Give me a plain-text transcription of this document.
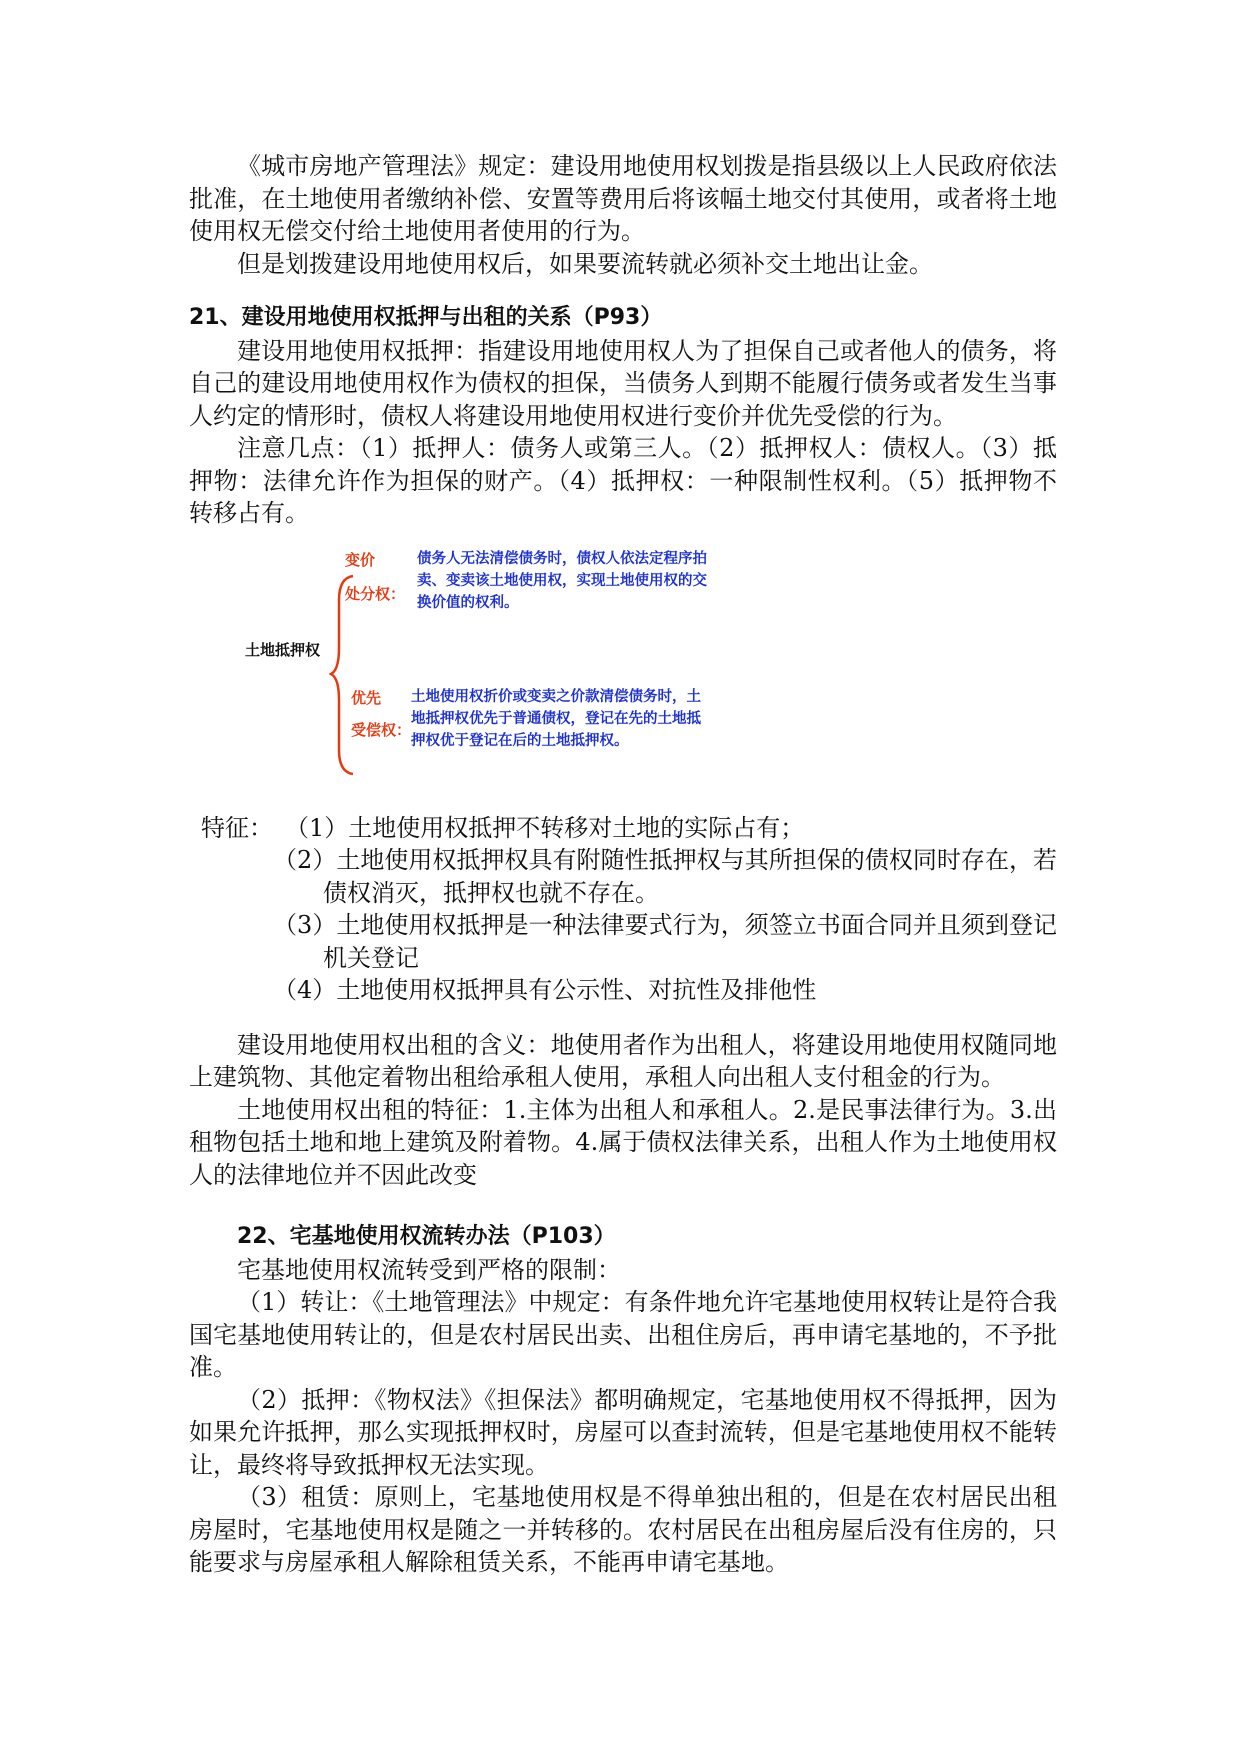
《城市房地产管理法》规定：建设用地使用权划拨是指县级以上人民政府依法批准，在土地使用者缴纳补偿、安置等费用后将该幅土地交付其使用，或者将土地使用权无偿交付给土地使用者使用的行为。

但是划拨建设用地使用权后，如果要流转就必须补交土地出让金。

21、建设用地使用权抵押与出租的关系（P93）

建设用地使用权抵押：指建设用地使用权人为了担保自己或者他人的债务，将自己的建设用地使用权作为债权的担保，当债务人到期不能履行债务或者发生当事人约定的情形时，债权人将建设用地使用权进行变价并优先受偿的行为。

注意几点：（1）抵押人：债务人或第三人。（2）抵押权人：债权人。（3）抵押物：法律允许作为担保的财产。（4）抵押权：一种限制性权利。（5）抵押物不转移占有。

土地抵押权
变价
处分权：
债务人无法清偿债务时，债权人依法定程序拍卖、变卖该土地使用权，实现土地使用权的交换价值的权利。
优先
受偿权：
土地使用权折价或变卖之价款清偿债务时，土地抵押权优先于普通债权，登记在先的土地抵押权优于登记在后的土地抵押权。
特征： （1）土地使用权抵押不转移对土地的实际占有；

（2）土地使用权抵押权具有附随性抵押权与其所担保的债权同时存在，若债权消灭，抵押权也就不存在。

（3）土地使用权抵押是一种法律要式行为，须签立书面合同并且须到登记机关登记

（4）土地使用权抵押具有公示性、对抗性及排他性

建设用地使用权出租的含义：地使用者作为出租人，将建设用地使用权随同地上建筑物、其他定着物出租给承租人使用，承租人向出租人支付租金的行为。

土地使用权出租的特征：1.主体为出租人和承租人。2.是民事法律行为。3.出租物包括土地和地上建筑及附着物。4.属于债权法律关系，出租人作为土地使用权人的法律地位并不因此改变

22、宅基地使用权流转办法（P103）

宅基地使用权流转受到严格的限制：

（1）转让：《土地管理法》中规定：有条件地允许宅基地使用权转让是符合我国宅基地使用转让的，但是农村居民出卖、出租住房后，再申请宅基地的，不予批准。

（2）抵押：《物权法》《担保法》都明确规定，宅基地使用权不得抵押，因为如果允许抵押，那么实现抵押权时，房屋可以查封流转，但是宅基地使用权不能转让，最终将导致抵押权无法实现。

（3）租赁：原则上，宅基地使用权是不得单独出租的，但是在农村居民出租房屋时，宅基地使用权是随之一并转移的。农村居民在出租房屋后没有住房的，只能要求与房屋承租人解除租赁关系，不能再申请宅基地。
